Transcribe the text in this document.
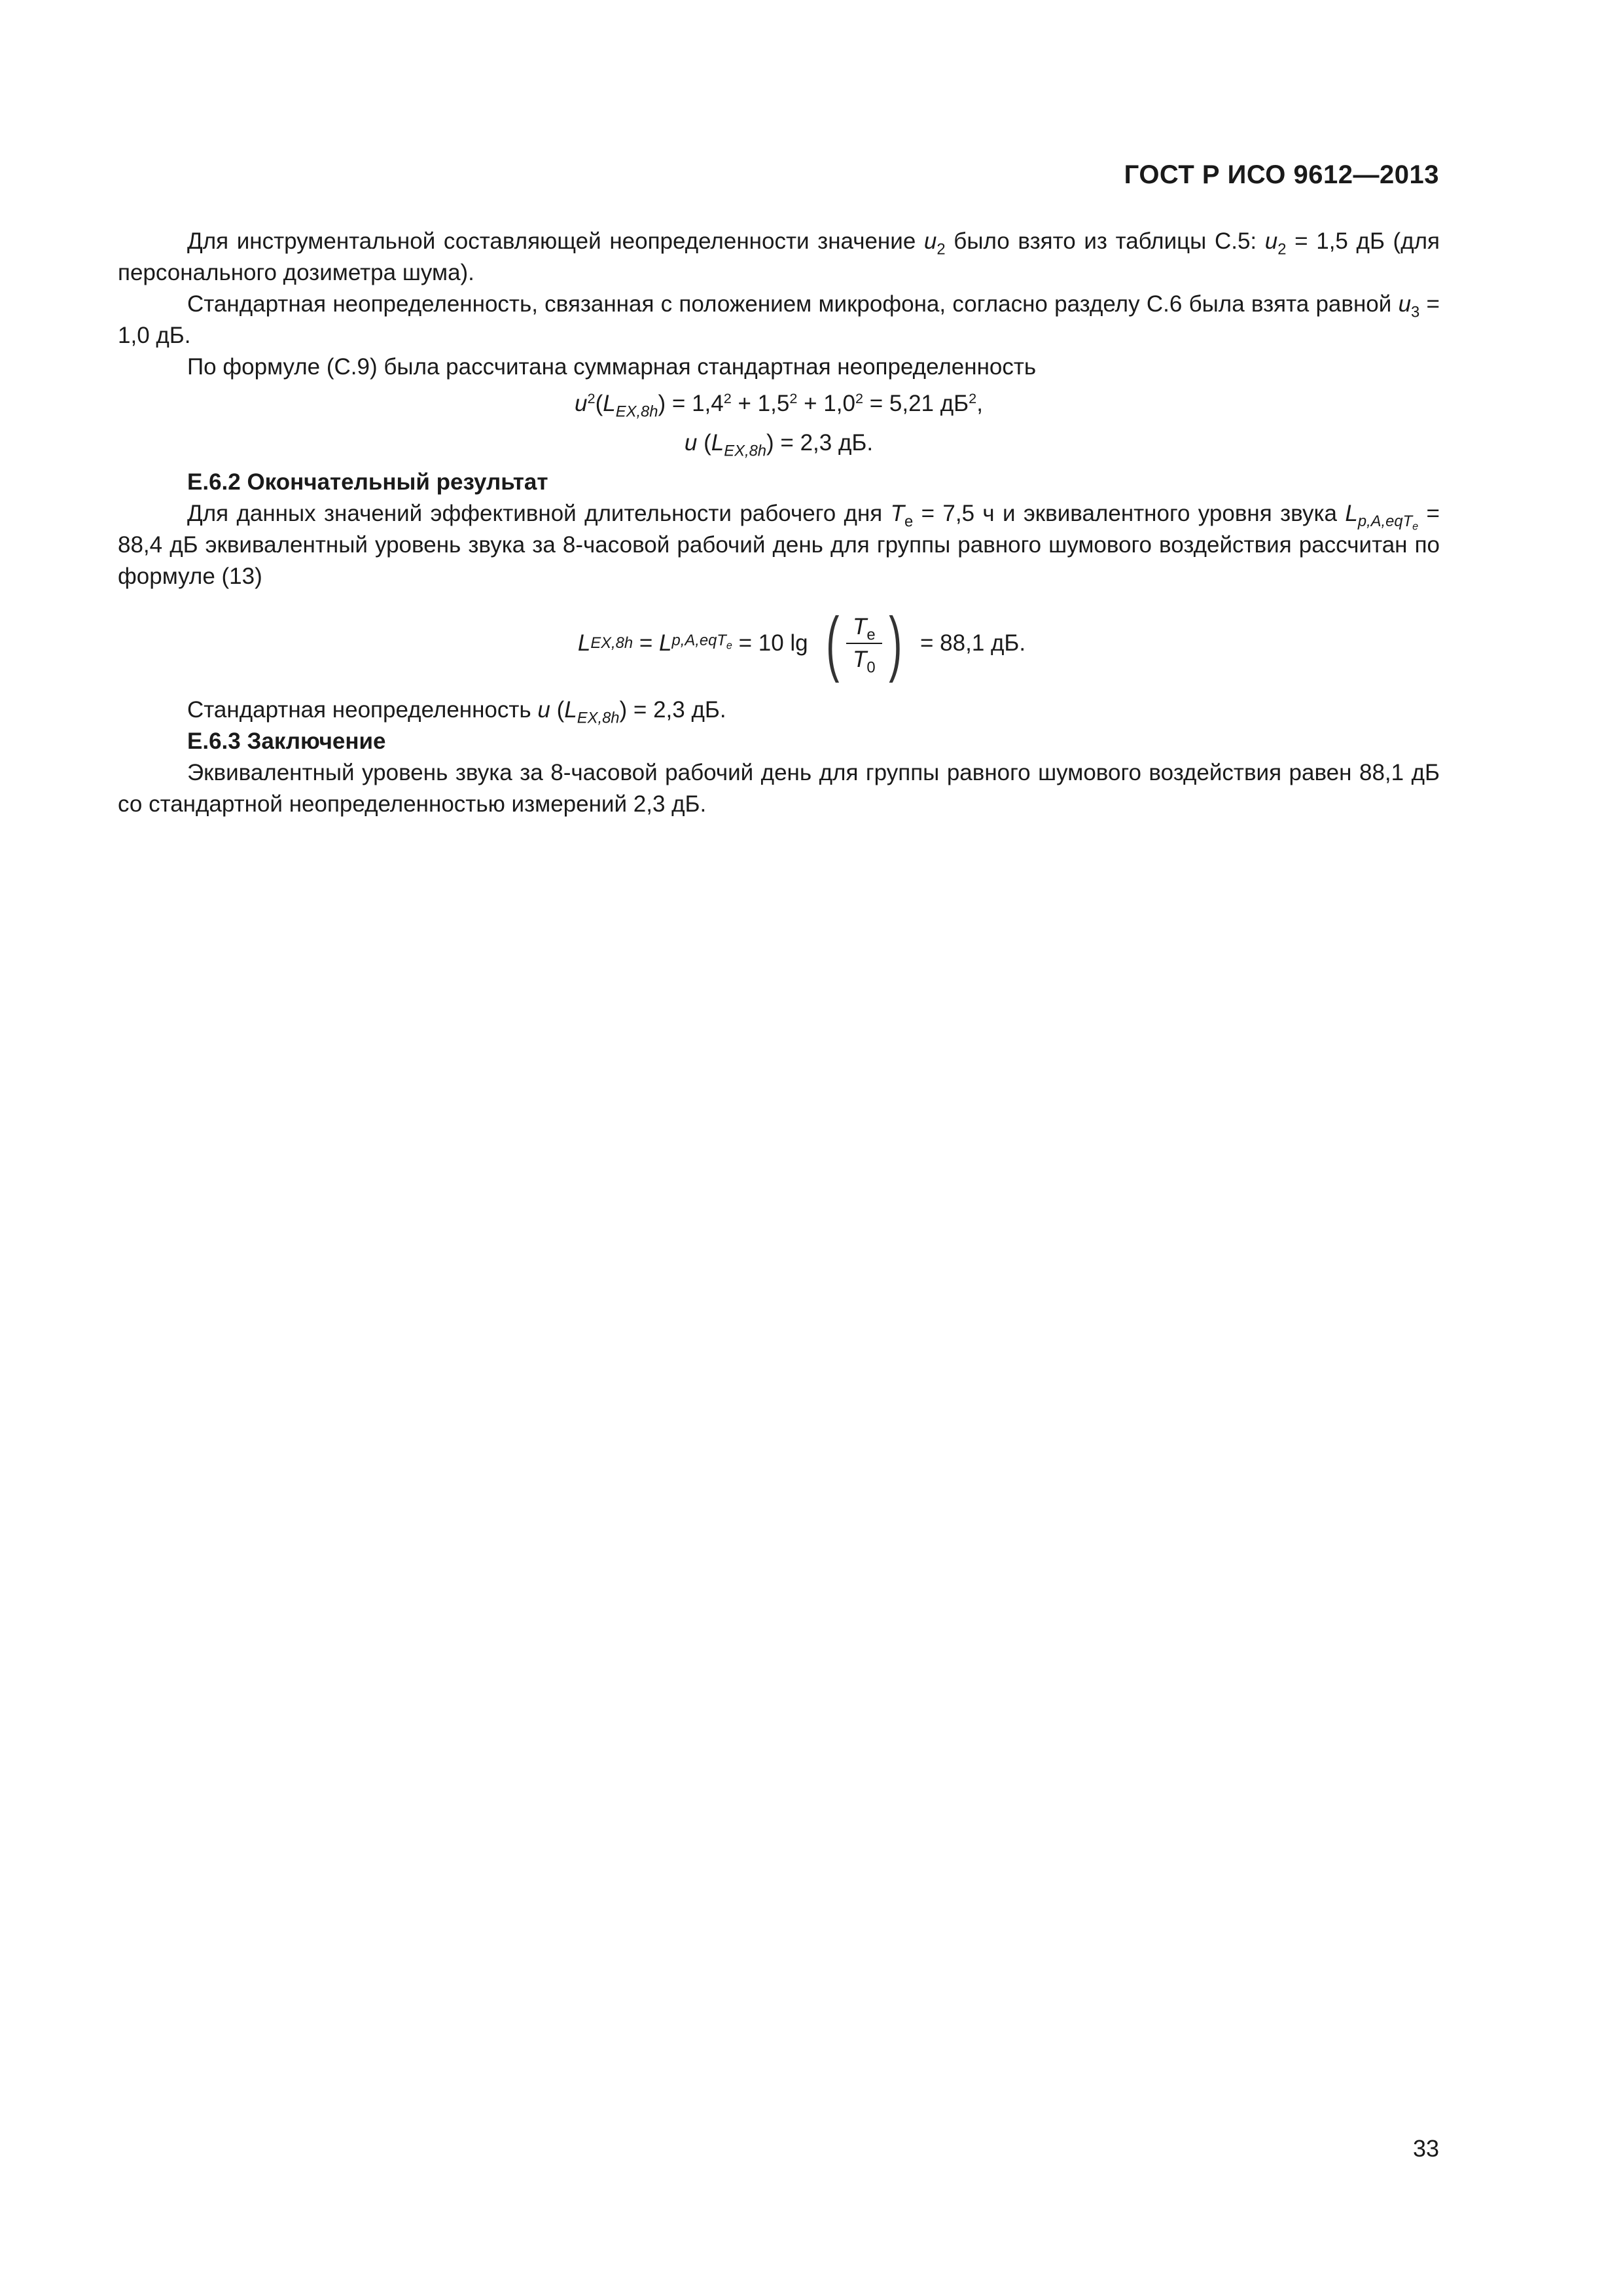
ГОСТ Р ИСО 9612—2013

Для инструментальной составляющей неопределенности значение $u_2$ было взято из таблицы С.5: $u_2 = 1,5$ дБ (для персонального дозиметра шума).

Стандартная неопределенность, связанная с положением микрофона, согласно разделу С.6 была взята равной $u_3 = 1,0$ дБ.

По формуле (С.9) была рассчитана суммарная стандартная неопределенность

$u^2(L_{EX,8h}) = 1,4^2 + 1,5^2 + 1,0^2 = 5,21$ $дБ^2$,
u $(L_{EX,8h}) = 2,3$ дБ.

Е.6.2 Окончательный результат

Для данных значений эффективной длительности рабочего дня $T_e = 7,5$ ч и эквивалентного уровня звука $L_{p,A,eqT_e} = 88,4$ дБ эквивалентный уровень звука за 8-часовой рабочий день для группы равного шумового воздействия рассчитан по формуле (13)

L EX,8h = L p,A,eqT$_e$ = 10 lg ( $\frac{T_e}{T_0}$ ) = 88,1 дБ.

Стандартная неопределенность u $(L_{EX,8h}) = 2,3$ дБ.

Е.6.3 Заключение

Эквивалентный уровень звука за 8-часовой рабочий день для группы равного шумового воздействия равен 88,1 дБ со стандартной неопределенностью измерений 2,3 дБ.

33
